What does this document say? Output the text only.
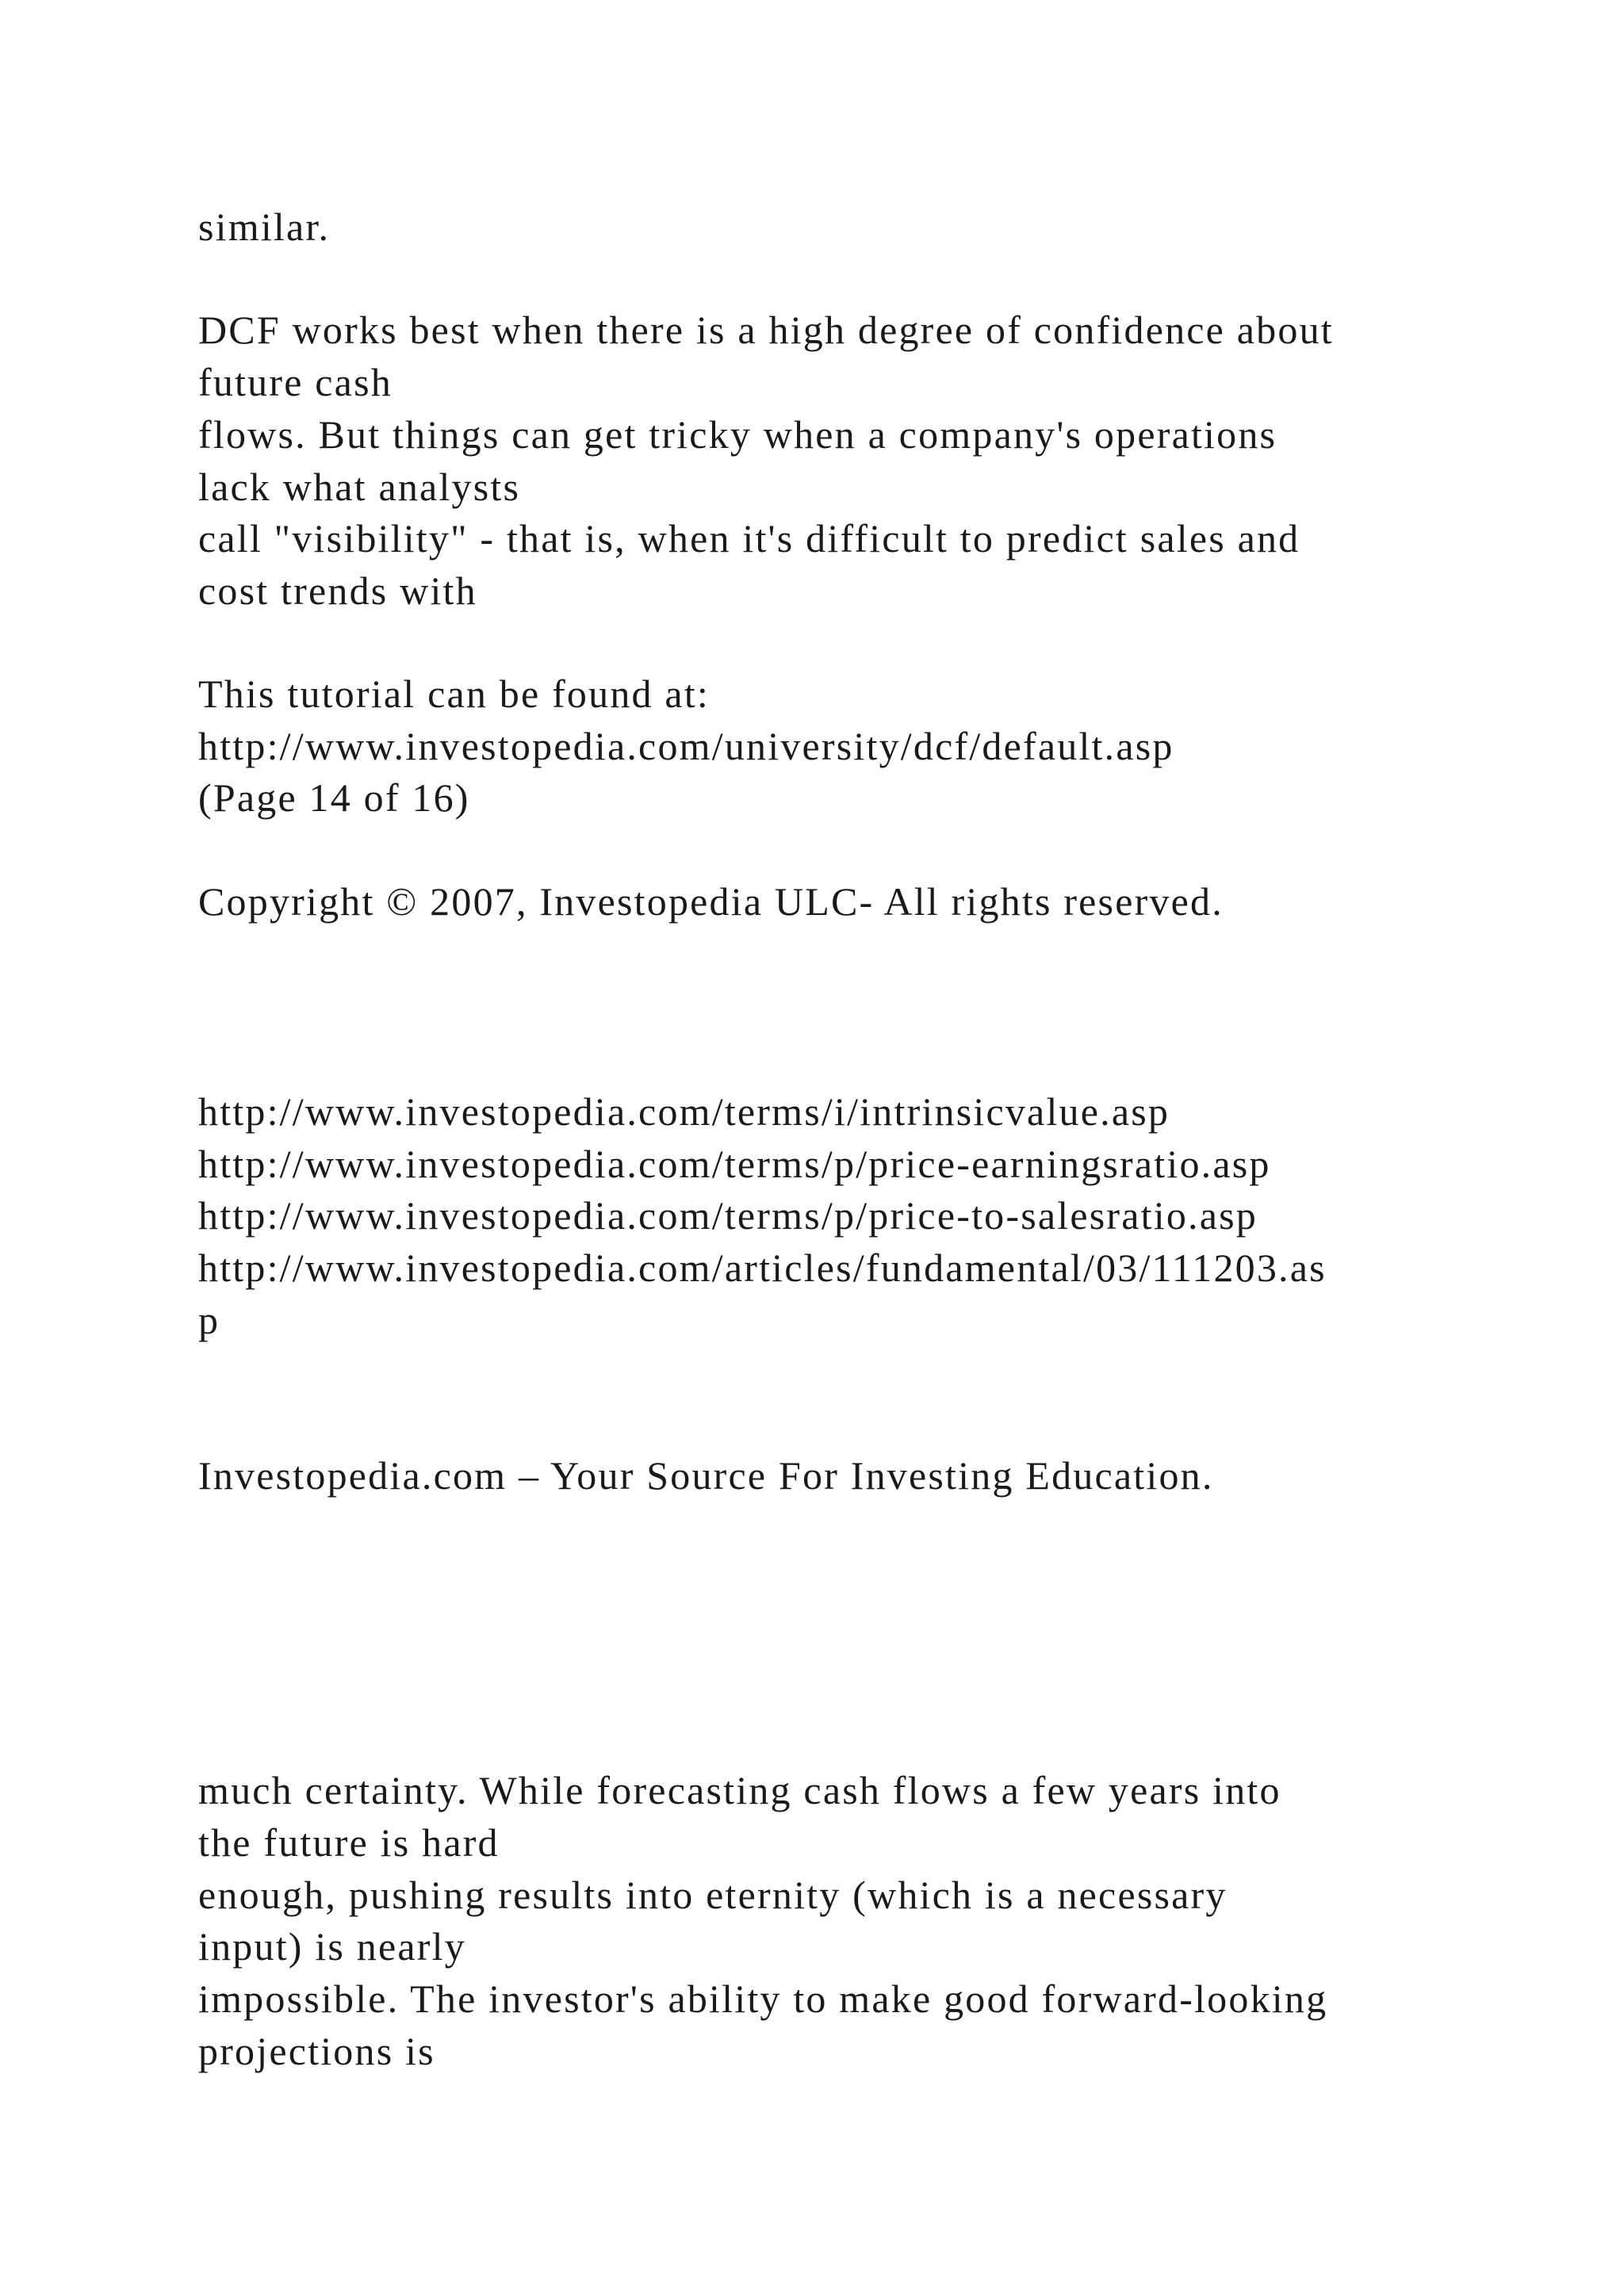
similar.

DCF works best when there is a high degree of confidence about

future cash

flows. But things can get tricky when a company's operations

lack what analysts

call "visibility" - that is, when it's difficult to predict sales and

cost trends with

This tutorial can be found at:

http://www.investopedia.com/university/dcf/default.asp

(Page 14 of 16)

Copyright © 2007, Investopedia ULC- All rights reserved.

http://www.investopedia.com/terms/i/intrinsicvalue.asp

http://www.investopedia.com/terms/p/price-earningsratio.asp

http://www.investopedia.com/terms/p/price-to-salesratio.asp

http://www.investopedia.com/articles/fundamental/03/111203.as

p

Investopedia.com – Your Source For Investing Education.

much certainty. While forecasting cash flows a few years into

the future is hard

enough, pushing results into eternity (which is a necessary

input) is nearly

impossible. The investor's ability to make good forward-looking

projections is
